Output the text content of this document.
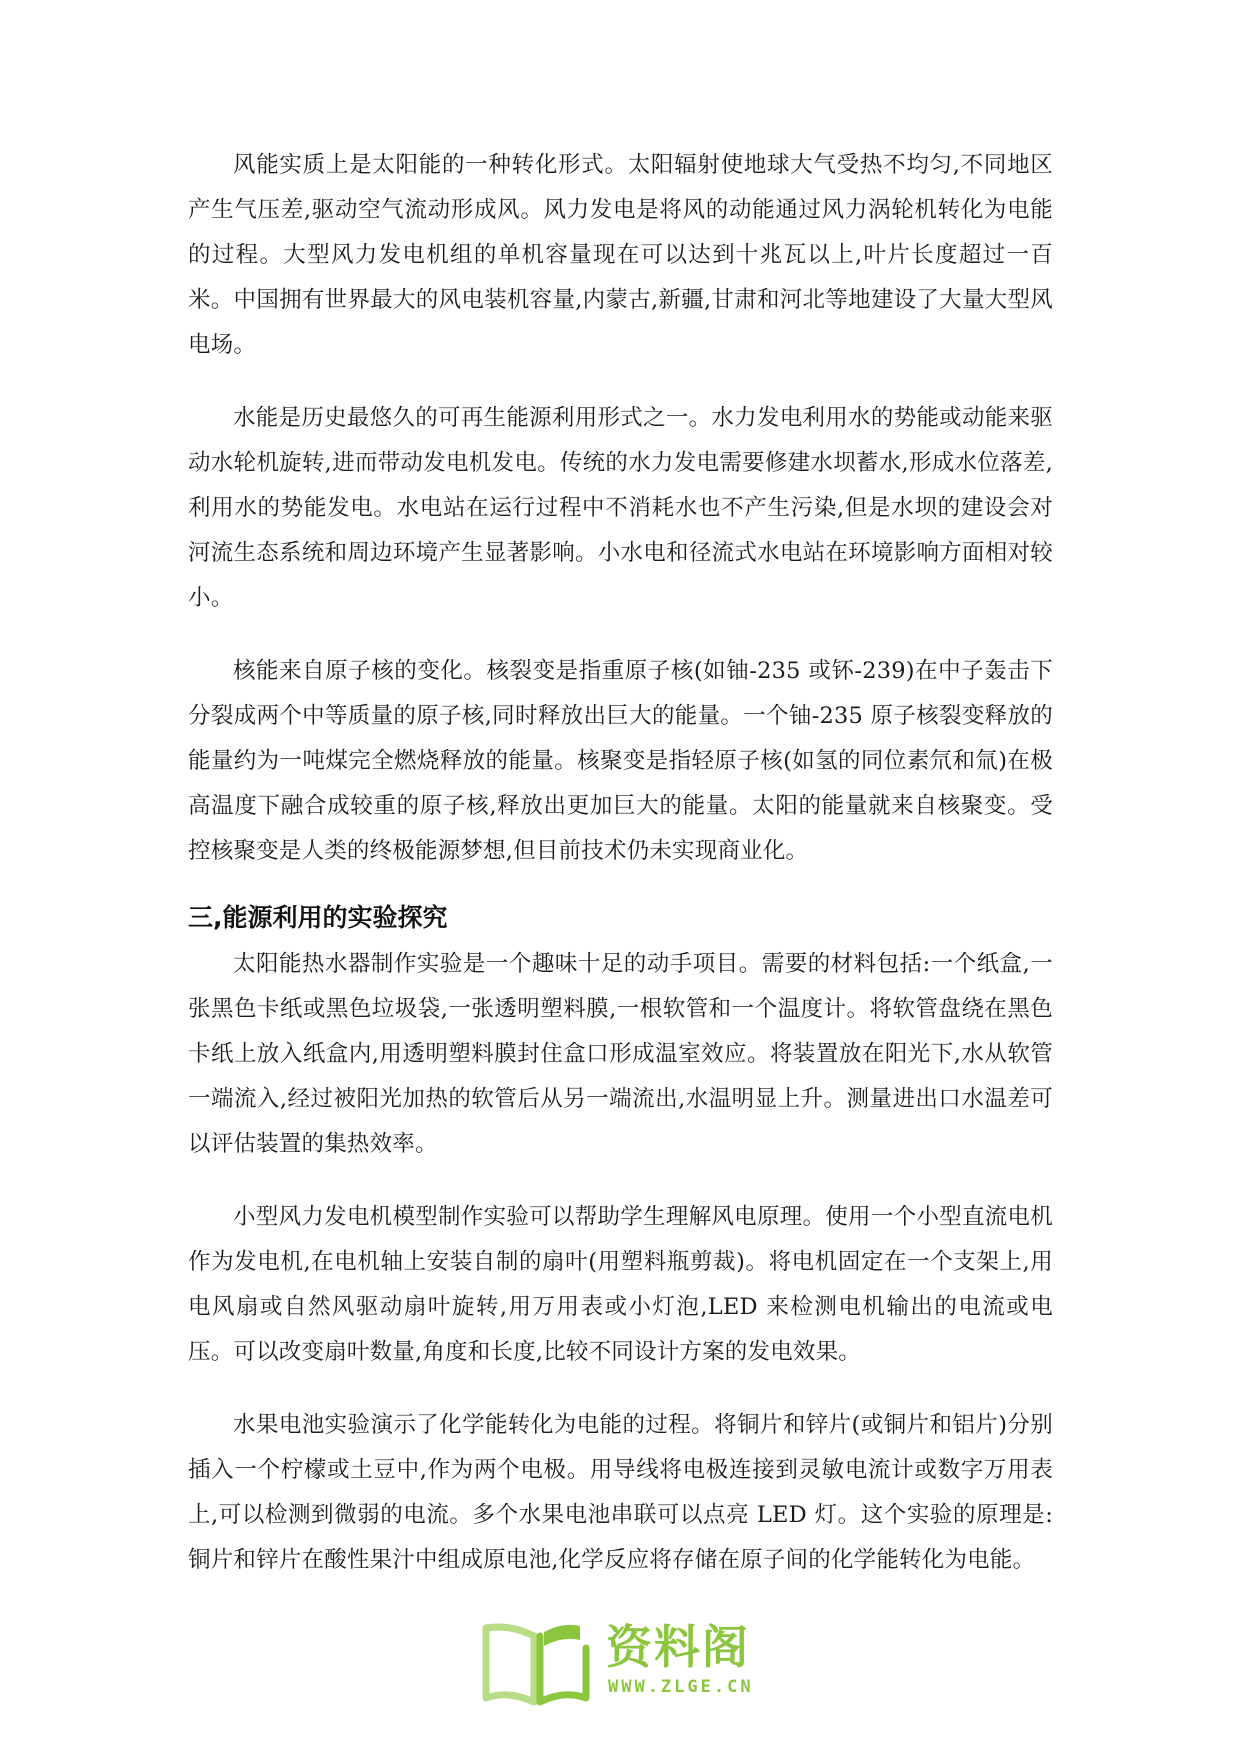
风能实质上是太阳能的一种转化形式。太阳辐射使地球大气受热不均匀,不同地区产生气压差,驱动空气流动形成风。风力发电是将风的动能通过风力涡轮机转化为电能的过程。大型风力发电机组的单机容量现在可以达到十兆瓦以上,叶片长度超过一百米。中国拥有世界最大的风电装机容量,内蒙古,新疆,甘肃和河北等地建设了大量大型风电场。

水能是历史最悠久的可再生能源利用形式之一。水力发电利用水的势能或动能来驱动水轮机旋转,进而带动发电机发电。传统的水力发电需要修建水坝蓄水,形成水位落差,利用水的势能发电。水电站在运行过程中不消耗水也不产生污染,但是水坝的建设会对河流生态系统和周边环境产生显著影响。小水电和径流式水电站在环境影响方面相对较小。

核能来自原子核的变化。核裂变是指重原子核(如铀-235 或钚-239)在中子轰击下分裂成两个中等质量的原子核,同时释放出巨大的能量。一个铀-235 原子核裂变释放的能量约为一吨煤完全燃烧释放的能量。核聚变是指轻原子核(如氢的同位素氘和氚)在极高温度下融合成较重的原子核,释放出更加巨大的能量。太阳的能量就来自核聚变。受控核聚变是人类的终极能源梦想,但目前技术仍未实现商业化。

三,能源利用的实验探究

太阳能热水器制作实验是一个趣味十足的动手项目。需要的材料包括:一个纸盒,一张黑色卡纸或黑色垃圾袋,一张透明塑料膜,一根软管和一个温度计。将软管盘绕在黑色卡纸上放入纸盒内,用透明塑料膜封住盒口形成温室效应。将装置放在阳光下,水从软管一端流入,经过被阳光加热的软管后从另一端流出,水温明显上升。测量进出口水温差可以评估装置的集热效率。

小型风力发电机模型制作实验可以帮助学生理解风电原理。使用一个小型直流电机作为发电机,在电机轴上安装自制的扇叶(用塑料瓶剪裁)。将电机固定在一个支架上,用电风扇或自然风驱动扇叶旋转,用万用表或小灯泡,LED 来检测电机输出的电流或电压。可以改变扇叶数量,角度和长度,比较不同设计方案的发电效果。

水果电池实验演示了化学能转化为电能的过程。将铜片和锌片(或铜片和铝片)分别插入一个柠檬或土豆中,作为两个电极。用导线将电极连接到灵敏电流计或数字万用表上,可以检测到微弱的电流。多个水果电池串联可以点亮 LED 灯。这个实验的原理是:铜片和锌片在酸性果汁中组成原电池,化学反应将存储在原子间的化学能转化为电能。

资料阁
WWW.ZLGE.CN
